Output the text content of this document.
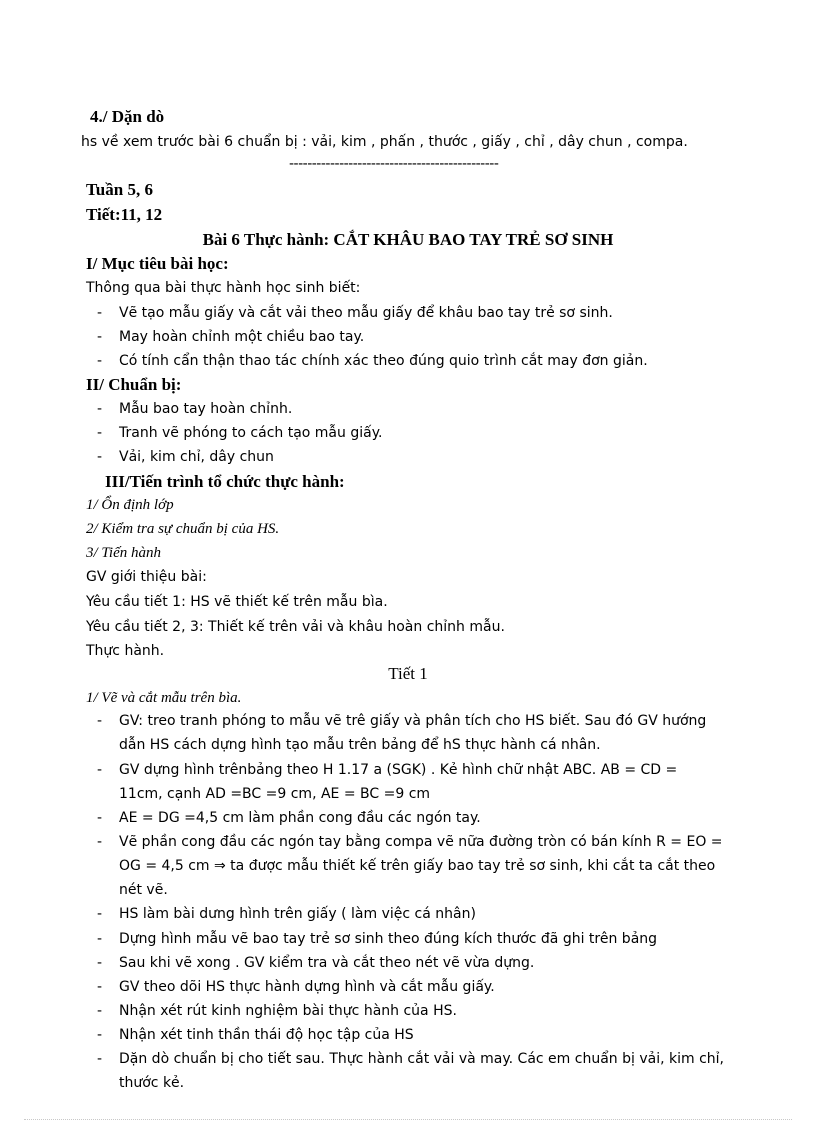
4./ Dặn dò
hs về xem trước bài 6 chuẩn bị : vải, kim , phấn , thước , giấy , chỉ , dây chun , compa.
----------------------------------------------
Tuần 5, 6
Tiết:11, 12
Bài 6 Thực hành: CẮT KHÂU BAO TAY TRẺ SƠ SINH
I/ Mục tiêu bài học:
Thông qua bài thực hành học sinh biết:
Vẽ tạo mẫu giấy và cắt vải theo mẫu giấy để khâu bao tay trẻ sơ sinh.
-
May hoàn chỉnh một chiều bao tay.
-
Có tính cẩn thận thao tác chính xác theo đúng quio trình cắt may đơn giản.
-
II/ Chuẩn bị:
Mẫu bao tay hoàn chỉnh.
-
Tranh vẽ phóng to cách tạo mẫu giấy.
-
Vải, kim chỉ, dây chun
-
III/Tiến trình tổ chức thực hành:
1/ Ổn định lớp
2/ Kiểm tra sự chuẩn bị của HS.
3/ Tiến hành
GV giới thiệu bài:
Yêu cầu tiết 1: HS vẽ thiết kế trên mẫu bìa.
Yêu cầu tiết 2, 3: Thiết kế trên vải và khâu hoàn chỉnh mẫu.
Thực hành.
Tiết 1
1/ Vẽ và cắt mẫu trên bìa.
- GV: treo tranh phóng to mẫu vẽ trê giấy và phân tích cho HS biết. Sau đó GV hướng
dẫn HS cách dựng hình tạo mẫu trên bảng để hS thực hành cá nhân.
- GV dựng hình trênbảng theo H 1.17 a (SGK) . Kẻ hình chữ nhật ABC. AB = CD =
11cm, cạnh AD =BC =9 cm, AE = BC =9 cm
- AE = DG =4,5 cm làm phần cong đầu các ngón tay.
- Vẽ phần cong đầu các ngón tay bằng compa vẽ nữa đường tròn có bán kính R = EO =
OG = 4,5 cm ⇒ ta được mẫu thiết kế trên giấy bao tay trẻ sơ sinh, khi cắt ta cắt theo
nét vẽ.
- HS làm bài dưng hình trên giấy ( làm việc cá nhân)
- Dựng hình mẫu vẽ bao tay trẻ sơ sinh theo đúng kích thước đã ghi trên bảng
- Sau khi vẽ xong . GV kiểm tra và cắt theo nét vẽ vừa dựng.
- GV theo dõi HS thực hành dựng hình và cắt mẫu giấy.
- Nhận xét rút kinh nghiệm bài thực hành của HS.
- Nhận xét tinh thần thái độ học tập của HS
- Dặn dò chuẩn bị cho tiết sau. Thực hành cắt vải và may. Các em chuẩn bị vải, kim chỉ,
thước kẻ.
